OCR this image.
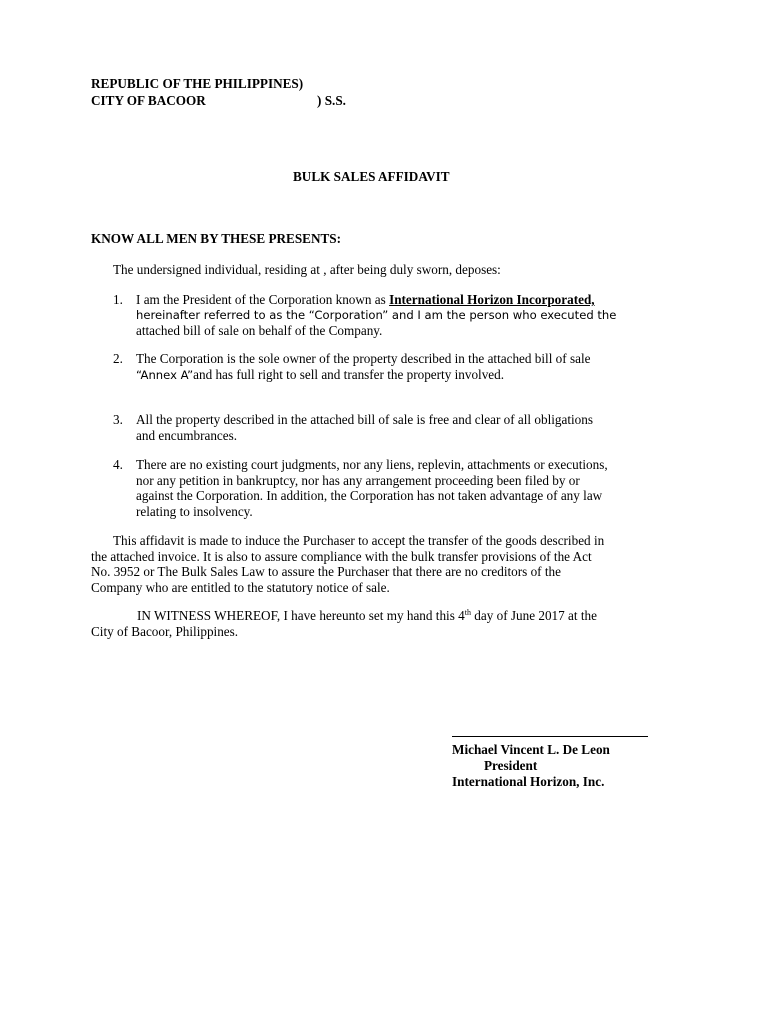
REPUBLIC OF THE PHILIPPINES)
CITY OF BACOOR	) S.S.
BULK SALES AFFIDAVIT
KNOW ALL MEN BY THESE PRESENTS:
The undersigned individual, residing at , after being duly sworn, deposes:
1. I am the President of the Corporation known as International Horizon Incorporated,
hereinafter referred to as the “Corporation” and I am the person who executed the
attached bill of sale on behalf of the Company.
2. The Corporation is the sole owner of the property described in the attached bill of sale
“Annex A”and has full right to sell and transfer the property involved.
3. All the property described in the attached bill of sale is free and clear of all obligations
and encumbrances.
4. There are no existing court judgments, nor any liens, replevin, attachments or executions,
nor any petition in bankruptcy, nor has any arrangement proceeding been filed by or
against the Corporation. In addition, the Corporation has not taken advantage of any law
relating to insolvency.
This affidavit is made to induce the Purchaser to accept the transfer of the goods described in
the attached invoice. It is also to assure compliance with the bulk transfer provisions of the Act
No. 3952 or The Bulk Sales Law to assure the Purchaser that there are no creditors of the
Company who are entitled to the statutory notice of sale.
IN WITNESS WHEREOF, I have hereunto set my hand this 4th day of June 2017 at the
City of Bacoor, Philippines.
Michael Vincent L. De Leon
President
International Horizon, Inc.
